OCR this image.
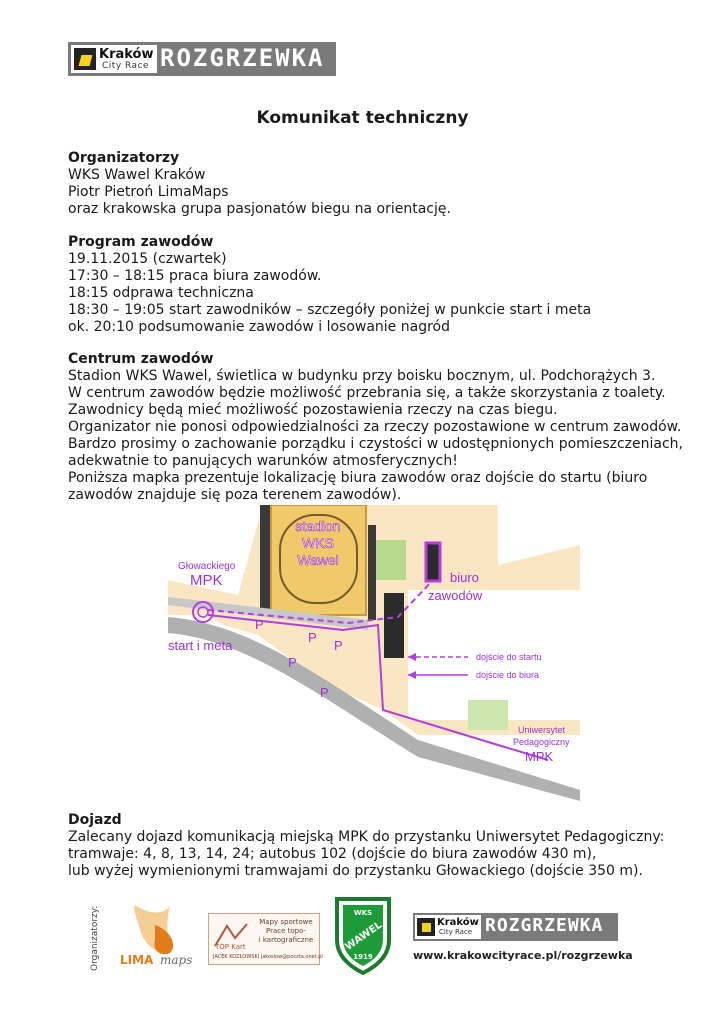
Kraków
City Race ROZGRZEWKA
Komunikat techniczny
Organizatorzy
WKS Wawel Kraków
Piotr Pietroń LimaMaps
oraz krakowska grupa pasjonatów biegu na orientację.
Program zawodów
19.11.2015 (czwartek)
17:30 – 18:15 praca biura zawodów.
18:15 odprawa techniczna
18:30 – 19:05 start zawodników – szczegóły poniżej w punkcie start i meta
ok. 20:10 podsumowanie zawodów i losowanie nagród
Centrum zawodów
Stadion WKS Wawel, świetlica w budynku przy boisku bocznym, ul. Podchorążych 3.
W centrum zawodów będzie możliwość przebrania się, a także skorzystania z toalety.
Zawodnicy będą mieć możliwość pozostawienia rzeczy na czas biegu.
Organizator nie ponosi odpowiedzialności za rzeczy pozostawione w centrum zawodów.
Bardzo prosimy o zachowanie porządku i czystości w udostępnionych pomieszczeniach,
adekwatnie to panujących warunków atmosferycznych!
Poniższa mapka prezentuje lokalizację biura zawodów oraz dojście do startu (biuro
zawodów znajduje się poza terenem zawodów).
stadion
WKS
Wawel
Głowackiego
MPK
start i meta
biuro
zawodów
P
P
P
P
P
dojście do startu
dojście do biura
Uniwersytet
Pedagogiczny
MPK
Dojazd
Zalecany dojazd komunikacją miejską MPK do przystanku Uniwersytet Pedagogiczny:
tramwaje: 4, 8, 13, 14, 24; autobus 102 (dojście do biura zawodów 430 m),
lub wyżej wymienionymi tramwajami do przystanku Głowackiego (dojście 350 m).
Organizatorzy: LIMA maps
TOP Kart
Mapy sportowe
Prace topo-
i kartograficzne
JACEK KOZŁOWSKI jakoslow@poczta.onet.pl
WKS
WAWEL
1919
Kraków
City Race ROZGRZEWKA
www.krakowcityrace.pl/rozgrzewka
